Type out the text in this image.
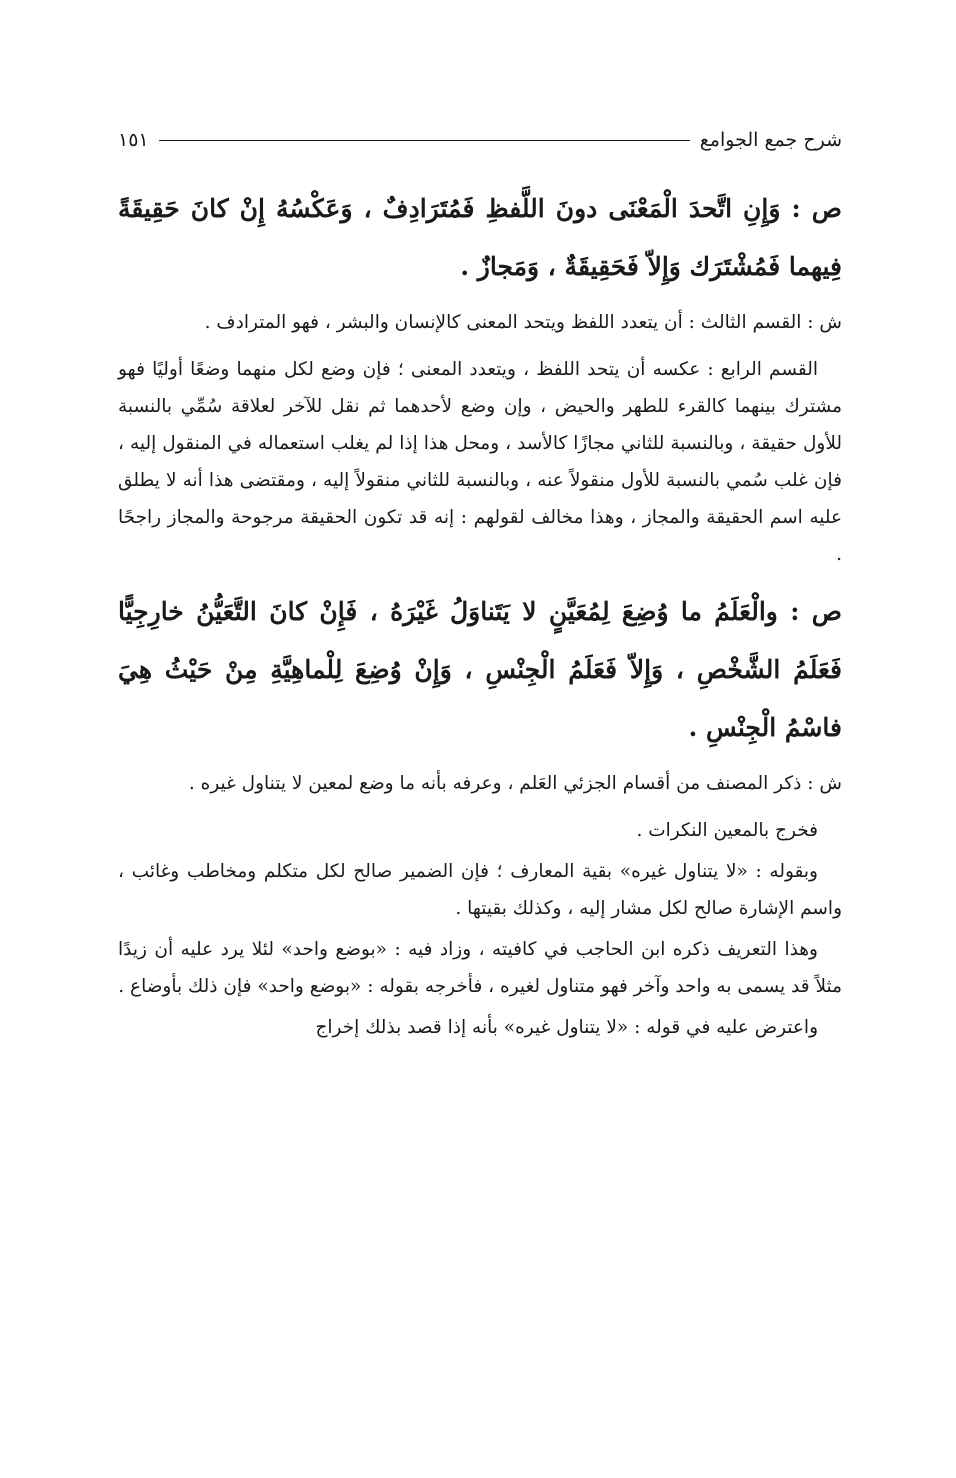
شرح جمع الجوامع
١٥١

ص : وَإِنِ اتَّحدَ الْمَعْنَى دونَ اللَّفظِ فَمُتَرَادِفٌ ، وَعَكْسُهُ إِنْ كانَ حَقِيقَةً فِيهما فَمُشْتَرَك وَإِلاّ فَحَقِيقَةٌ ، وَمَجازٌ .

ش : القسم الثالث : أن يتعدد اللفظ ويتحد المعنى كالإنسان والبشر ، فهو المترادف .

القسم الرابع : عكسه أن يتحد اللفظ ، ويتعدد المعنى ؛ فإن وضع لكل منهما وضعًا أوليًا فهو مشترك بينهما كالقرء للطهر والحيض ، وإن وضع لأحدهما ثم نقل للآخر لعلاقة سُمِّي بالنسبة للأول حقيقة ، وبالنسبة للثاني مجازًا كالأسد ، ومحل هذا إذا لم يغلب استعماله في المنقول إليه ، فإن غلب سُمي بالنسبة للأول منقولاً عنه ، وبالنسبة للثاني منقولاً إليه ، ومقتضى هذا أنه لا يطلق عليه اسم الحقيقة والمجاز ، وهذا مخالف لقولهم : إنه قد تكون الحقيقة مرجوحة والمجاز راجحًا .

ص : والْعَلَمُ ما وُضِعَ لِمُعَيَّنٍ لا يَتَناوَلُ غَيْرَهُ ، فَإِنْ كانَ التَّعَيُّنُ خارِجِيًّا فَعَلَمُ الشَّخْصِ ، وَإِلاّ فَعَلَمُ الْجِنْسِ ، وَإِنْ وُضِعَ لِلْماهِيَّةِ مِنْ حَيْثُ هِيَ فاسْمُ الْجِنْسِ .

ش : ذكر المصنف من أقسام الجزئي العَلم ، وعرفه بأنه ما وضع لمعين لا يتناول غيره .

فخرج بالمعين النكرات .

وبقوله : «لا يتناول غيره» بقية المعارف ؛ فإن الضمير صالح لكل متكلم ومخاطب وغائب ، واسم الإشارة صالح لكل مشار إليه ، وكذلك بقيتها .

وهذا التعريف ذكره ابن الحاجب في كافيته ، وزاد فيه : «بوضع واحد» لئلا يرد عليه أن زيدًا مثلاً قد يسمى به واحد وآخر فهو متناول لغيره ، فأخرجه بقوله : «بوضع واحد» فإن ذلك بأوضاع .

واعترض عليه في قوله : «لا يتناول غيره» بأنه إذا قصد بذلك إخراج
